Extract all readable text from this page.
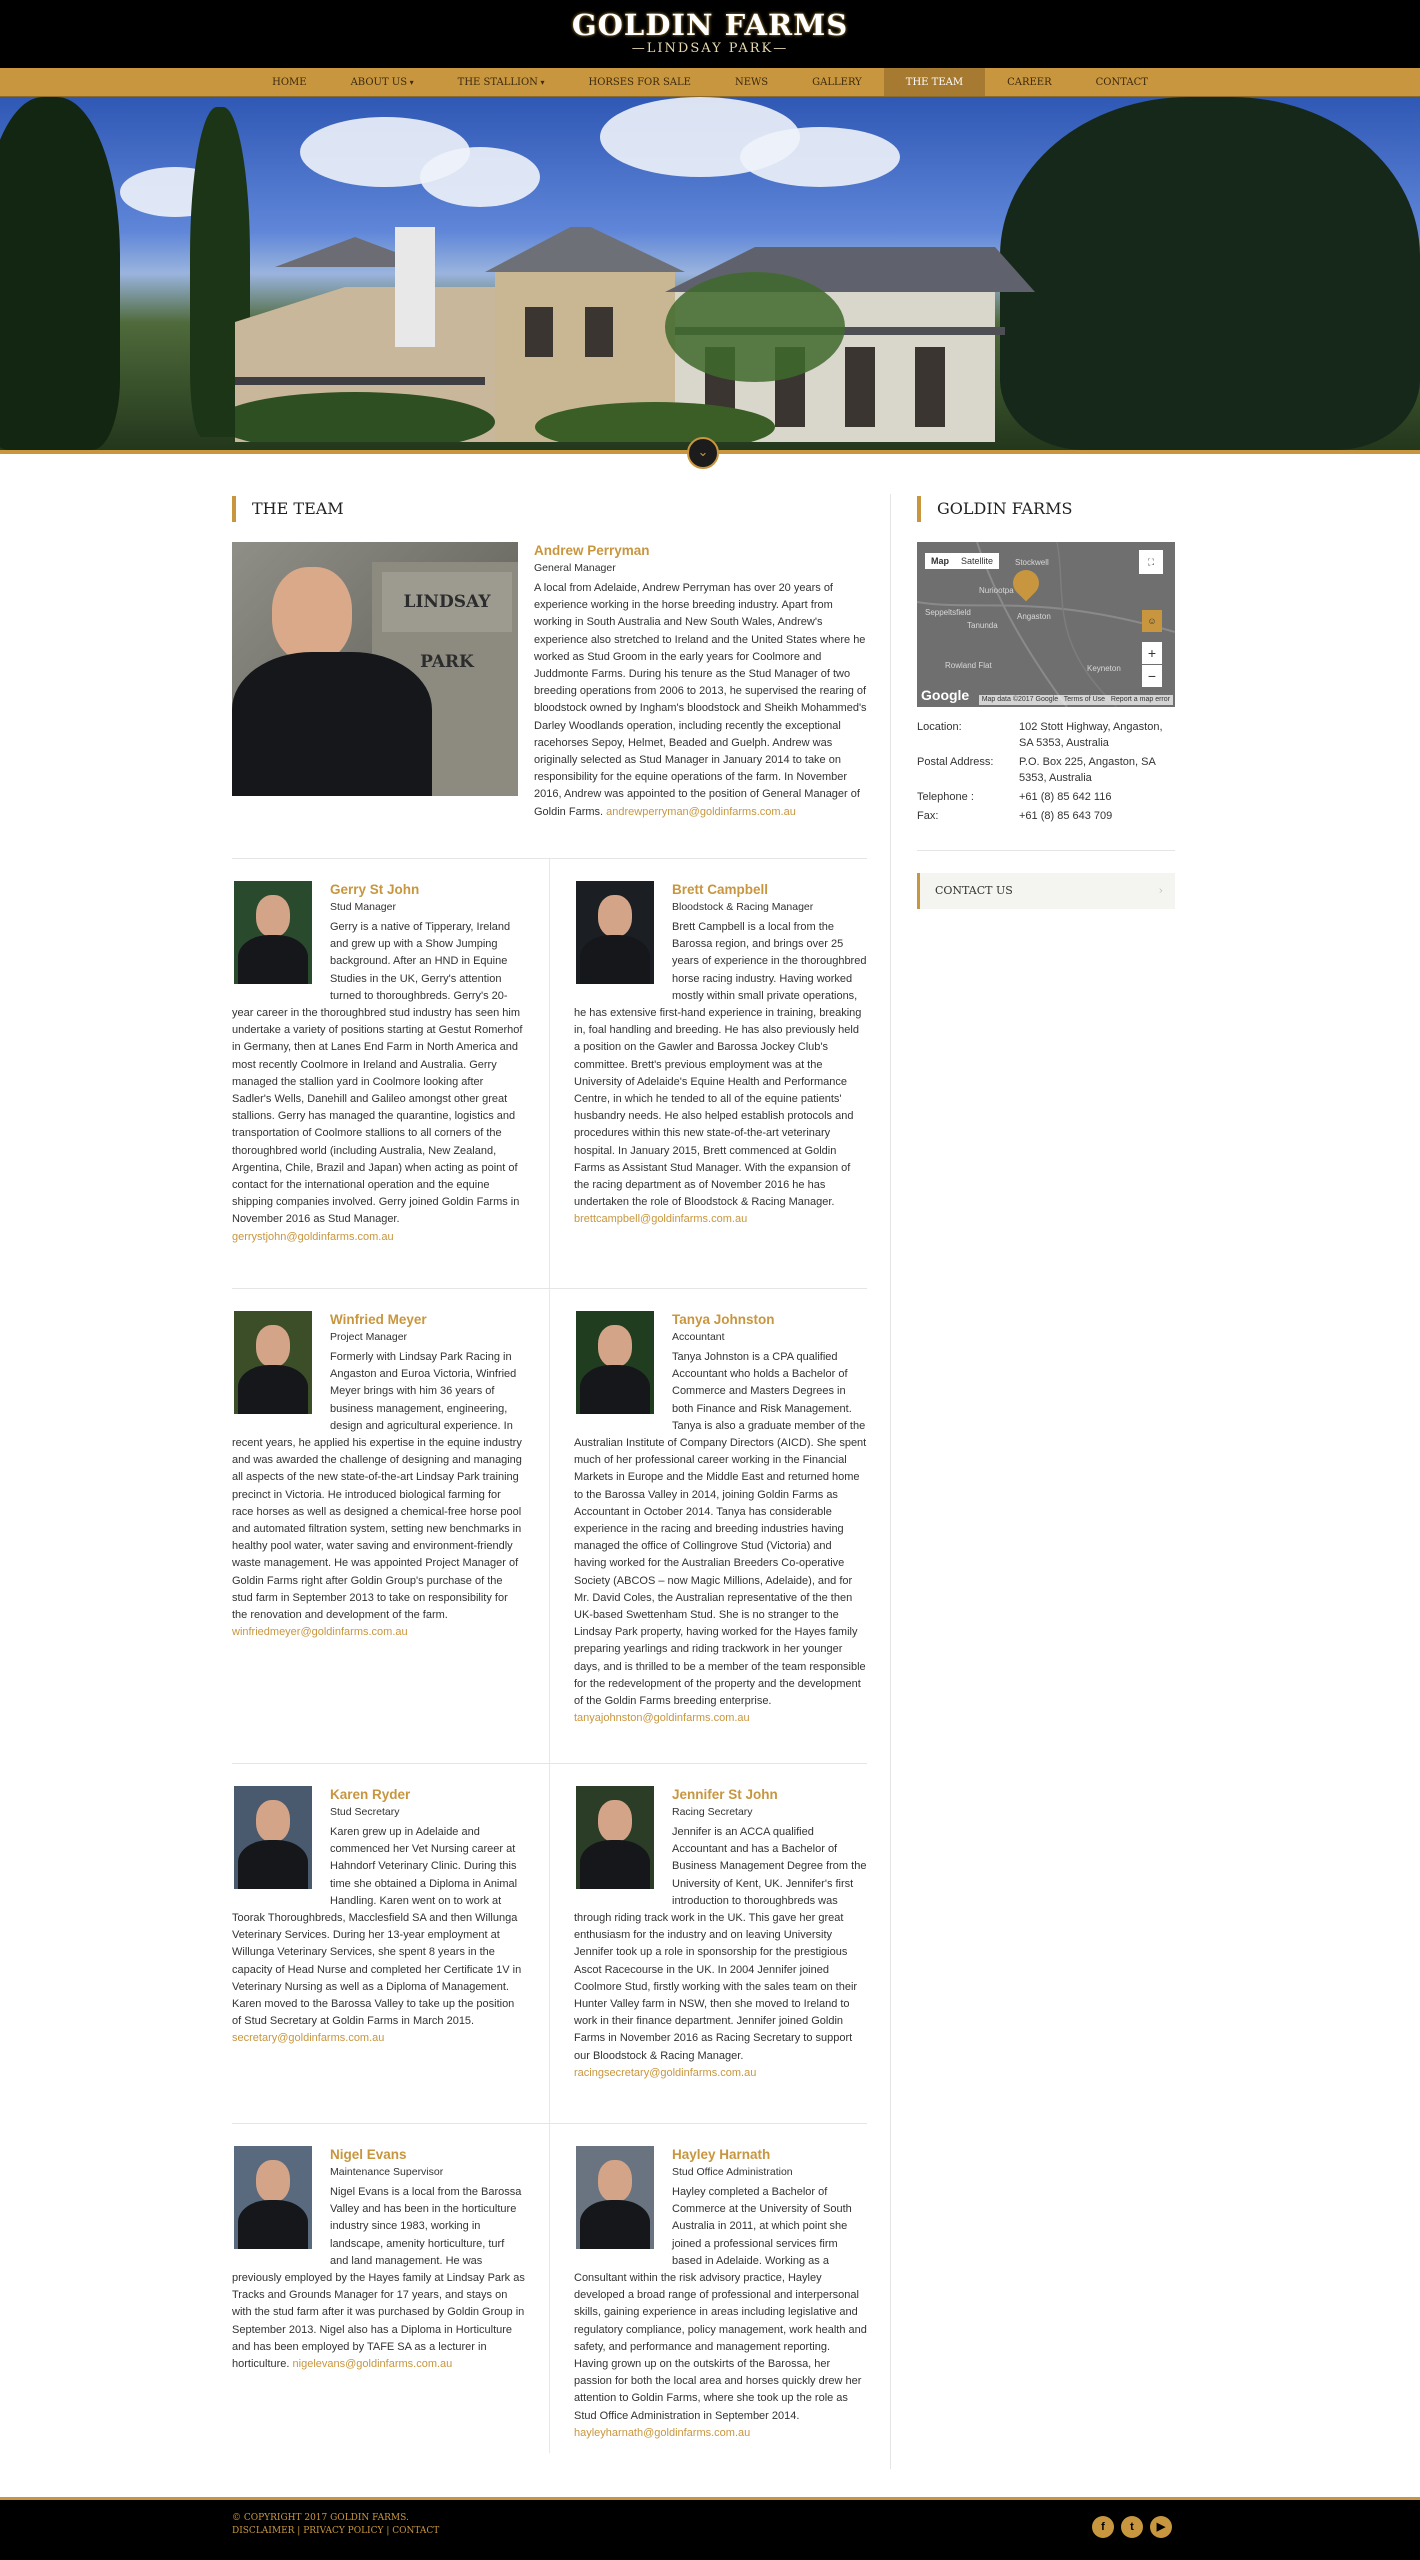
GOLDIN FARMS
—LINDSAY PARK—
HOME	ABOUT US ▾	THE STALLION ▾	HORSES FOR SALE	NEWS	GALLERY	THE TEAM	CAREER	CONTACT
⌄
THE TEAM
LINDSAY PARK
Andrew Perryman
General Manager
A local from Adelaide, Andrew Perryman has over 20 years of experience working in the horse breeding industry. Apart from working in South Australia and New South Wales, Andrew's experience also stretched to Ireland and the United States where he worked as Stud Groom in the early years for Coolmore and Juddmonte Farms. During his tenure as the Stud Manager of two breeding operations from 2006 to 2013, he supervised the rearing of bloodstock owned by Ingham's bloodstock and Sheikh Mohammed's Darley Woodlands operation, including recently the exceptional racehorses Sepoy, Helmet, Beaded and Guelph. Andrew was originally selected as Stud Manager in January 2014 to take on responsibility for the equine operations of the farm. In November 2016, Andrew was appointed to the position of General Manager of Goldin Farms. andrewperryman@goldinfarms.com.au
Gerry St John
Stud Manager
Gerry is a native of Tipperary, Ireland and grew up with a Show Jumping background. After an HND in Equine Studies in the UK, Gerry's attention turned to thoroughbreds. Gerry's 20-year career in the thoroughbred stud industry has seen him undertake a variety of positions starting at Gestut Romerhof in Germany, then at Lanes End Farm in North America and most recently Coolmore in Ireland and Australia. Gerry managed the stallion yard in Coolmore looking after Sadler's Wells, Danehill and Galileo amongst other great stallions. Gerry has managed the quarantine, logistics and transportation of Coolmore stallions to all corners of the thoroughbred world (including Australia, New Zealand, Argentina, Chile, Brazil and Japan) when acting as point of contact for the international operation and the equine shipping companies involved. Gerry joined Goldin Farms in November 2016 as Stud Manager. gerrystjohn@goldinfarms.com.au
Brett Campbell
Bloodstock & Racing Manager
Brett Campbell is a local from the Barossa region, and brings over 25 years of experience in the thoroughbred horse racing industry. Having worked mostly within small private operations, he has extensive first-hand experience in training, breaking in, foal handling and breeding. He has also previously held a position on the Gawler and Barossa Jockey Club's committee. Brett's previous employment was at the University of Adelaide's Equine Health and Performance Centre, in which he tended to all of the equine patients' husbandry needs. He also helped establish protocols and procedures within this new state-of-the-art veterinary hospital. In January 2015, Brett commenced at Goldin Farms as Assistant Stud Manager. With the expansion of the racing department as of November 2016 he has undertaken the role of Bloodstock & Racing Manager. brettcampbell@goldinfarms.com.au
Winfried Meyer
Project Manager
Formerly with Lindsay Park Racing in Angaston and Euroa Victoria, Winfried Meyer brings with him 36 years of business management, engineering, design and agricultural experience. In recent years, he applied his expertise in the equine industry and was awarded the challenge of designing and managing all aspects of the new state-of-the-art Lindsay Park training precinct in Victoria. He introduced biological farming for race horses as well as designed a chemical-free horse pool and automated filtration system, setting new benchmarks in healthy pool water, water saving and environment-friendly waste management. He was appointed Project Manager of Goldin Farms right after Goldin Group's purchase of the stud farm in September 2013 to take on responsibility for the renovation and development of the farm. winfriedmeyer@goldinfarms.com.au
Tanya Johnston
Accountant
Tanya Johnston is a CPA qualified Accountant who holds a Bachelor of Commerce and Masters Degrees in both Finance and Risk Management. Tanya is also a graduate member of the Australian Institute of Company Directors (AICD). She spent much of her professional career working in the Financial Markets in Europe and the Middle East and returned home to the Barossa Valley in 2014, joining Goldin Farms as Accountant in October 2014. Tanya has considerable experience in the racing and breeding industries having managed the office of Collingrove Stud (Victoria) and having worked for the Australian Breeders Co-operative Society (ABCOS – now Magic Millions, Adelaide), and for Mr. David Coles, the Australian representative of the then UK-based Swettenham Stud. She is no stranger to the Lindsay Park property, having worked for the Hayes family preparing yearlings and riding trackwork in her younger days, and is thrilled to be a member of the team responsible for the redevelopment of the property and the development of the Goldin Farms breeding enterprise. tanyajohnston@goldinfarms.com.au
Karen Ryder
Stud Secretary
Karen grew up in Adelaide and commenced her Vet Nursing career at Hahndorf Veterinary Clinic. During this time she obtained a Diploma in Animal Handling. Karen went on to work at Toorak Thoroughbreds, Macclesfield SA and then Willunga Veterinary Services. During her 13-year employment at Willunga Veterinary Services, she spent 8 years in the capacity of Head Nurse and completed her Certificate 1V in Veterinary Nursing as well as a Diploma of Management. Karen moved to the Barossa Valley to take up the position of Stud Secretary at Goldin Farms in March 2015. secretary@goldinfarms.com.au
Jennifer St John
Racing Secretary
Jennifer is an ACCA qualified Accountant and has a Bachelor of Business Management Degree from the University of Kent, UK. Jennifer's first introduction to thoroughbreds was through riding track work in the UK. This gave her great enthusiasm for the industry and on leaving University Jennifer took up a role in sponsorship for the prestigious Ascot Racecourse in the UK. In 2004 Jennifer joined Coolmore Stud, firstly working with the sales team on their Hunter Valley farm in NSW, then she moved to Ireland to work in their finance department. Jennifer joined Goldin Farms in November 2016 as Racing Secretary to support our Bloodstock & Racing Manager. racingsecretary@goldinfarms.com.au
Nigel Evans
Maintenance Supervisor
Nigel Evans is a local from the Barossa Valley and has been in the horticulture industry since 1983, working in landscape, amenity horticulture, turf and land management. He was previously employed by the Hayes family at Lindsay Park as Tracks and Grounds Manager for 17 years, and stays on with the stud farm after it was purchased by Goldin Group in September 2013. Nigel also has a Diploma in Horticulture and has been employed by TAFE SA as a lecturer in horticulture. nigelevans@goldinfarms.com.au
Hayley Harnath
Stud Office Administration
Hayley completed a Bachelor of Commerce at the University of South Australia in 2011, at which point she joined a professional services firm based in Adelaide. Working as a Consultant within the risk advisory practice, Hayley developed a broad range of professional and interpersonal skills, gaining experience in areas including legislative and regulatory compliance, policy management, work health and safety, and performance and management reporting. Having grown up on the outskirts of the Barossa, her passion for both the local area and horses quickly drew her attention to Goldin Farms, where she took up the role as Stud Office Administration in September 2014. hayleyharnath@goldinfarms.com.au
GOLDIN FARMS
Map	Satellite	⛶
Stockwell
Nuriootpa
Seppeltsfield
Tanunda
Angaston
Rowland Flat	Keyneton
☺
+
−
Google	Map data ©2017 Google   Terms of Use   Report a map error
Location:	102 Stott Highway, Angaston, SA 5353, Australia
Postal Address:	P.O. Box 225, Angaston, SA 5353, Australia
Telephone :	+61 (8) 85 642 116
Fax:	+61 (8) 85 643 709
CONTACT US	›
© COPYRIGHT 2017 GOLDIN FARMS.
DISCLAIMER | PRIVACY POLICY | CONTACT	f	t	▶
